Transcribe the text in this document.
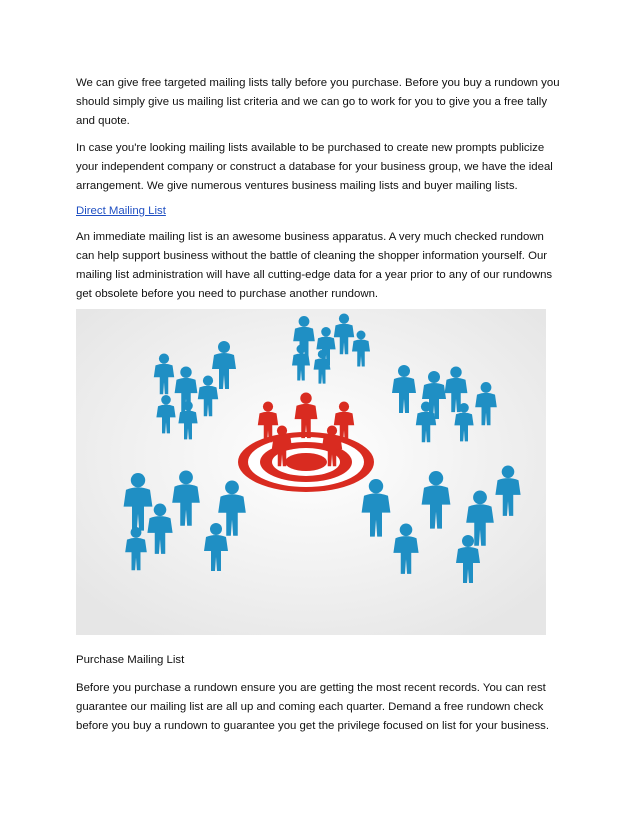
We can give free targeted mailing lists tally before you purchase. Before you buy a rundown you should simply give us mailing list criteria and we can go to work for you to give you a free tally and quote.

In case you're looking mailing lists available to be purchased to create new prompts publicize your independent company or construct a database for your business group, we have the ideal arrangement. We give numerous ventures business mailing lists and buyer mailing lists.

Direct Mailing List

An immediate mailing list is an awesome business apparatus. A very much checked rundown can help support business without the battle of cleaning the shopper information yourself. Our mailing list administration will have all cutting-edge data for a year prior to any of our rundowns get obsolete before you need to purchase another rundown.

Purchase Mailing List

Before you purchase a rundown ensure you are getting the most recent records. You can rest guarantee our mailing list are all up and coming each quarter. Demand a free rundown check before you buy a rundown to guarantee you get the privilege focused on list for your business.
